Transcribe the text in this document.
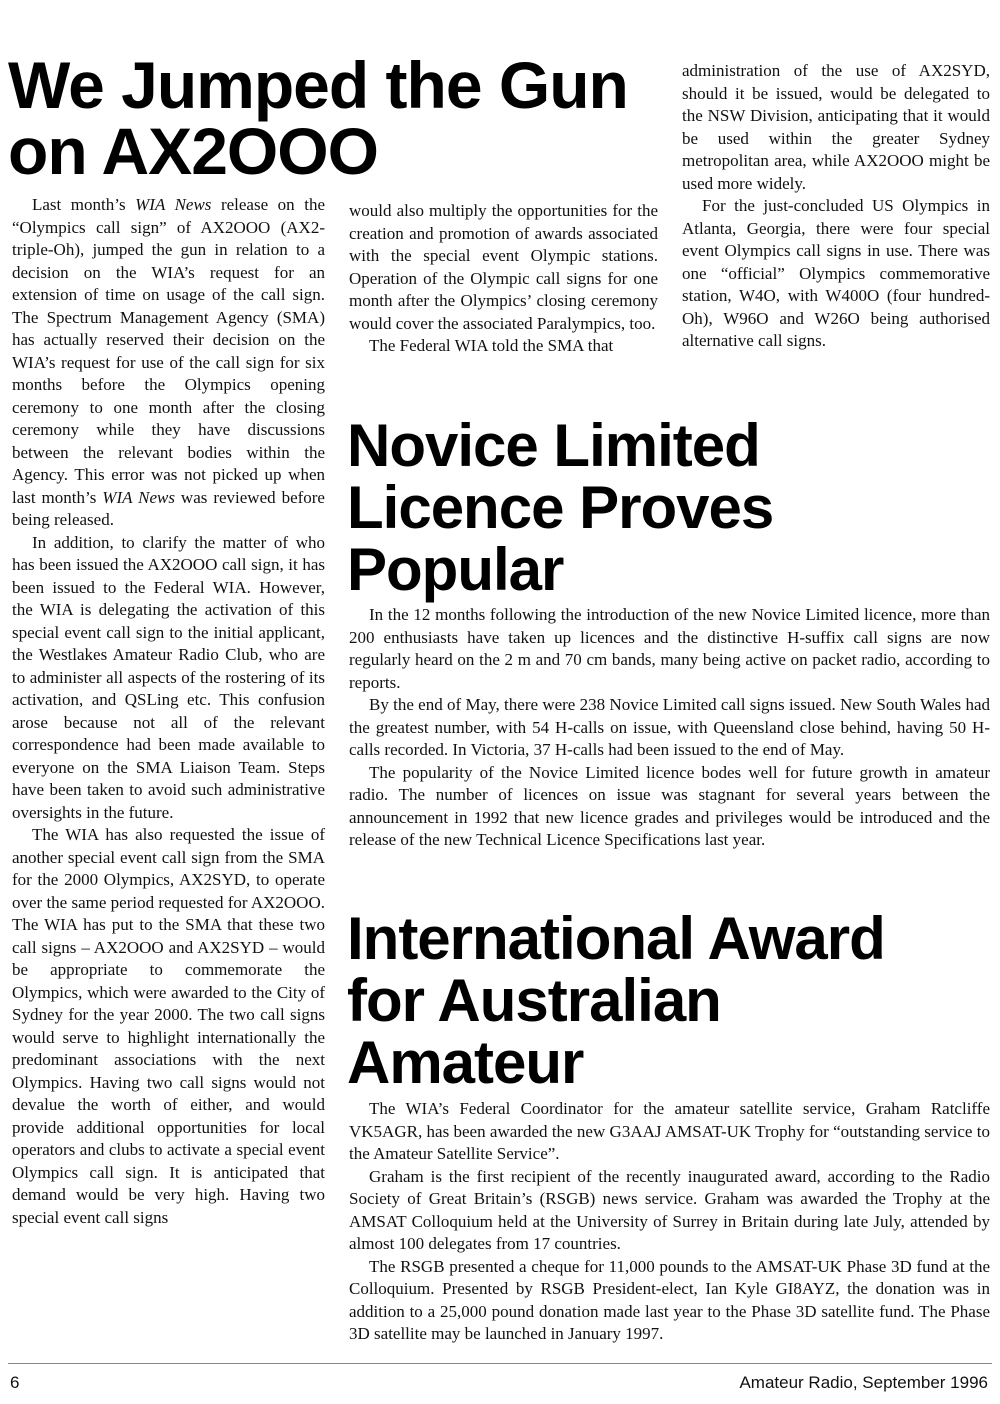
We Jumped the Gun
on AX2OOO

Last month’s WIA News release on the “Olympics call sign” of AX2OOO (AX2-triple-Oh), jumped the gun in relation to a decision on the WIA’s request for an extension of time on usage of the call sign. The Spectrum Management Agency (SMA) has actually reserved their decision on the WIA’s request for use of the call sign for six months before the Olympics opening ceremony to one month after the closing ceremony while they have discussions between the relevant bodies within the Agency. This error was not picked up when last month’s WIA News was reviewed before being released.

In addition, to clarify the matter of who has been issued the AX2OOO call sign, it has been issued to the Federal WIA. However, the WIA is delegating the activation of this special event call sign to the initial applicant, the Westlakes Amateur Radio Club, who are to administer all aspects of the rostering of its activation, and QSLing etc. This confusion arose because not all of the relevant correspondence had been made available to everyone on the SMA Liaison Team. Steps have been taken to avoid such administrative oversights in the future.

The WIA has also requested the issue of another special event call sign from the SMA for the 2000 Olympics, AX2SYD, to operate over the same period requested for AX2OOO. The WIA has put to the SMA that these two call signs – AX2OOO and AX2SYD – would be appropriate to commemorate the Olympics, which were awarded to the City of Sydney for the year 2000. The two call signs would serve to highlight internationally the predominant associations with the next Olympics. Having two call signs would not devalue the worth of either, and would provide additional opportunities for local operators and clubs to activate a special event Olympics call sign. It is anticipated that demand would be very high. Having two special event call signs

would also multiply the opportunities for the creation and promotion of awards associated with the special event Olympic stations. Operation of the Olympic call signs for one month after the Olympics’ closing ceremony would cover the associated Paralympics, too.

The Federal WIA told the SMA that

administration of the use of AX2SYD, should it be issued, would be delegated to the NSW Division, anticipating that it would be used within the greater Sydney metropolitan area, while AX2OOO might be used more widely.

For the just-concluded US Olympics in Atlanta, Georgia, there were four special event Olympics call signs in use. There was one “official” Olympics commemorative station, W4O, with W400O (four hundred-Oh), W96O and W26O being authorised alternative call signs.

Novice Limited
Licence Proves
Popular

In the 12 months following the introduction of the new Novice Limited licence, more than 200 enthusiasts have taken up licences and the distinctive H-suffix call signs are now regularly heard on the 2 m and 70 cm bands, many being active on packet radio, according to reports.

By the end of May, there were 238 Novice Limited call signs issued. New South Wales had the greatest number, with 54 H-calls on issue, with Queensland close behind, having 50 H-calls recorded. In Victoria, 37 H-calls had been issued to the end of May.

The popularity of the Novice Limited licence bodes well for future growth in amateur radio. The number of licences on issue was stagnant for several years between the announcement in 1992 that new licence grades and privileges would be introduced and the release of the new Technical Licence Specifications last year.

International Award
for Australian
Amateur

The WIA’s Federal Coordinator for the amateur satellite service, Graham Ratcliffe VK5AGR, has been awarded the new G3AAJ AMSAT-UK Trophy for “outstanding service to the Amateur Satellite Service”.

Graham is the first recipient of the recently inaugurated award, according to the Radio Society of Great Britain’s (RSGB) news service. Graham was awarded the Trophy at the AMSAT Colloquium held at the University of Surrey in Britain during late July, attended by almost 100 delegates from 17 countries.

The RSGB presented a cheque for 11,000 pounds to the AMSAT-UK Phase 3D fund at the Colloquium. Presented by RSGB President-elect, Ian Kyle GI8AYZ, the donation was in addition to a 25,000 pound donation made last year to the Phase 3D satellite fund. The Phase 3D satellite may be launched in January 1997.

6	Amateur Radio, September 1996
